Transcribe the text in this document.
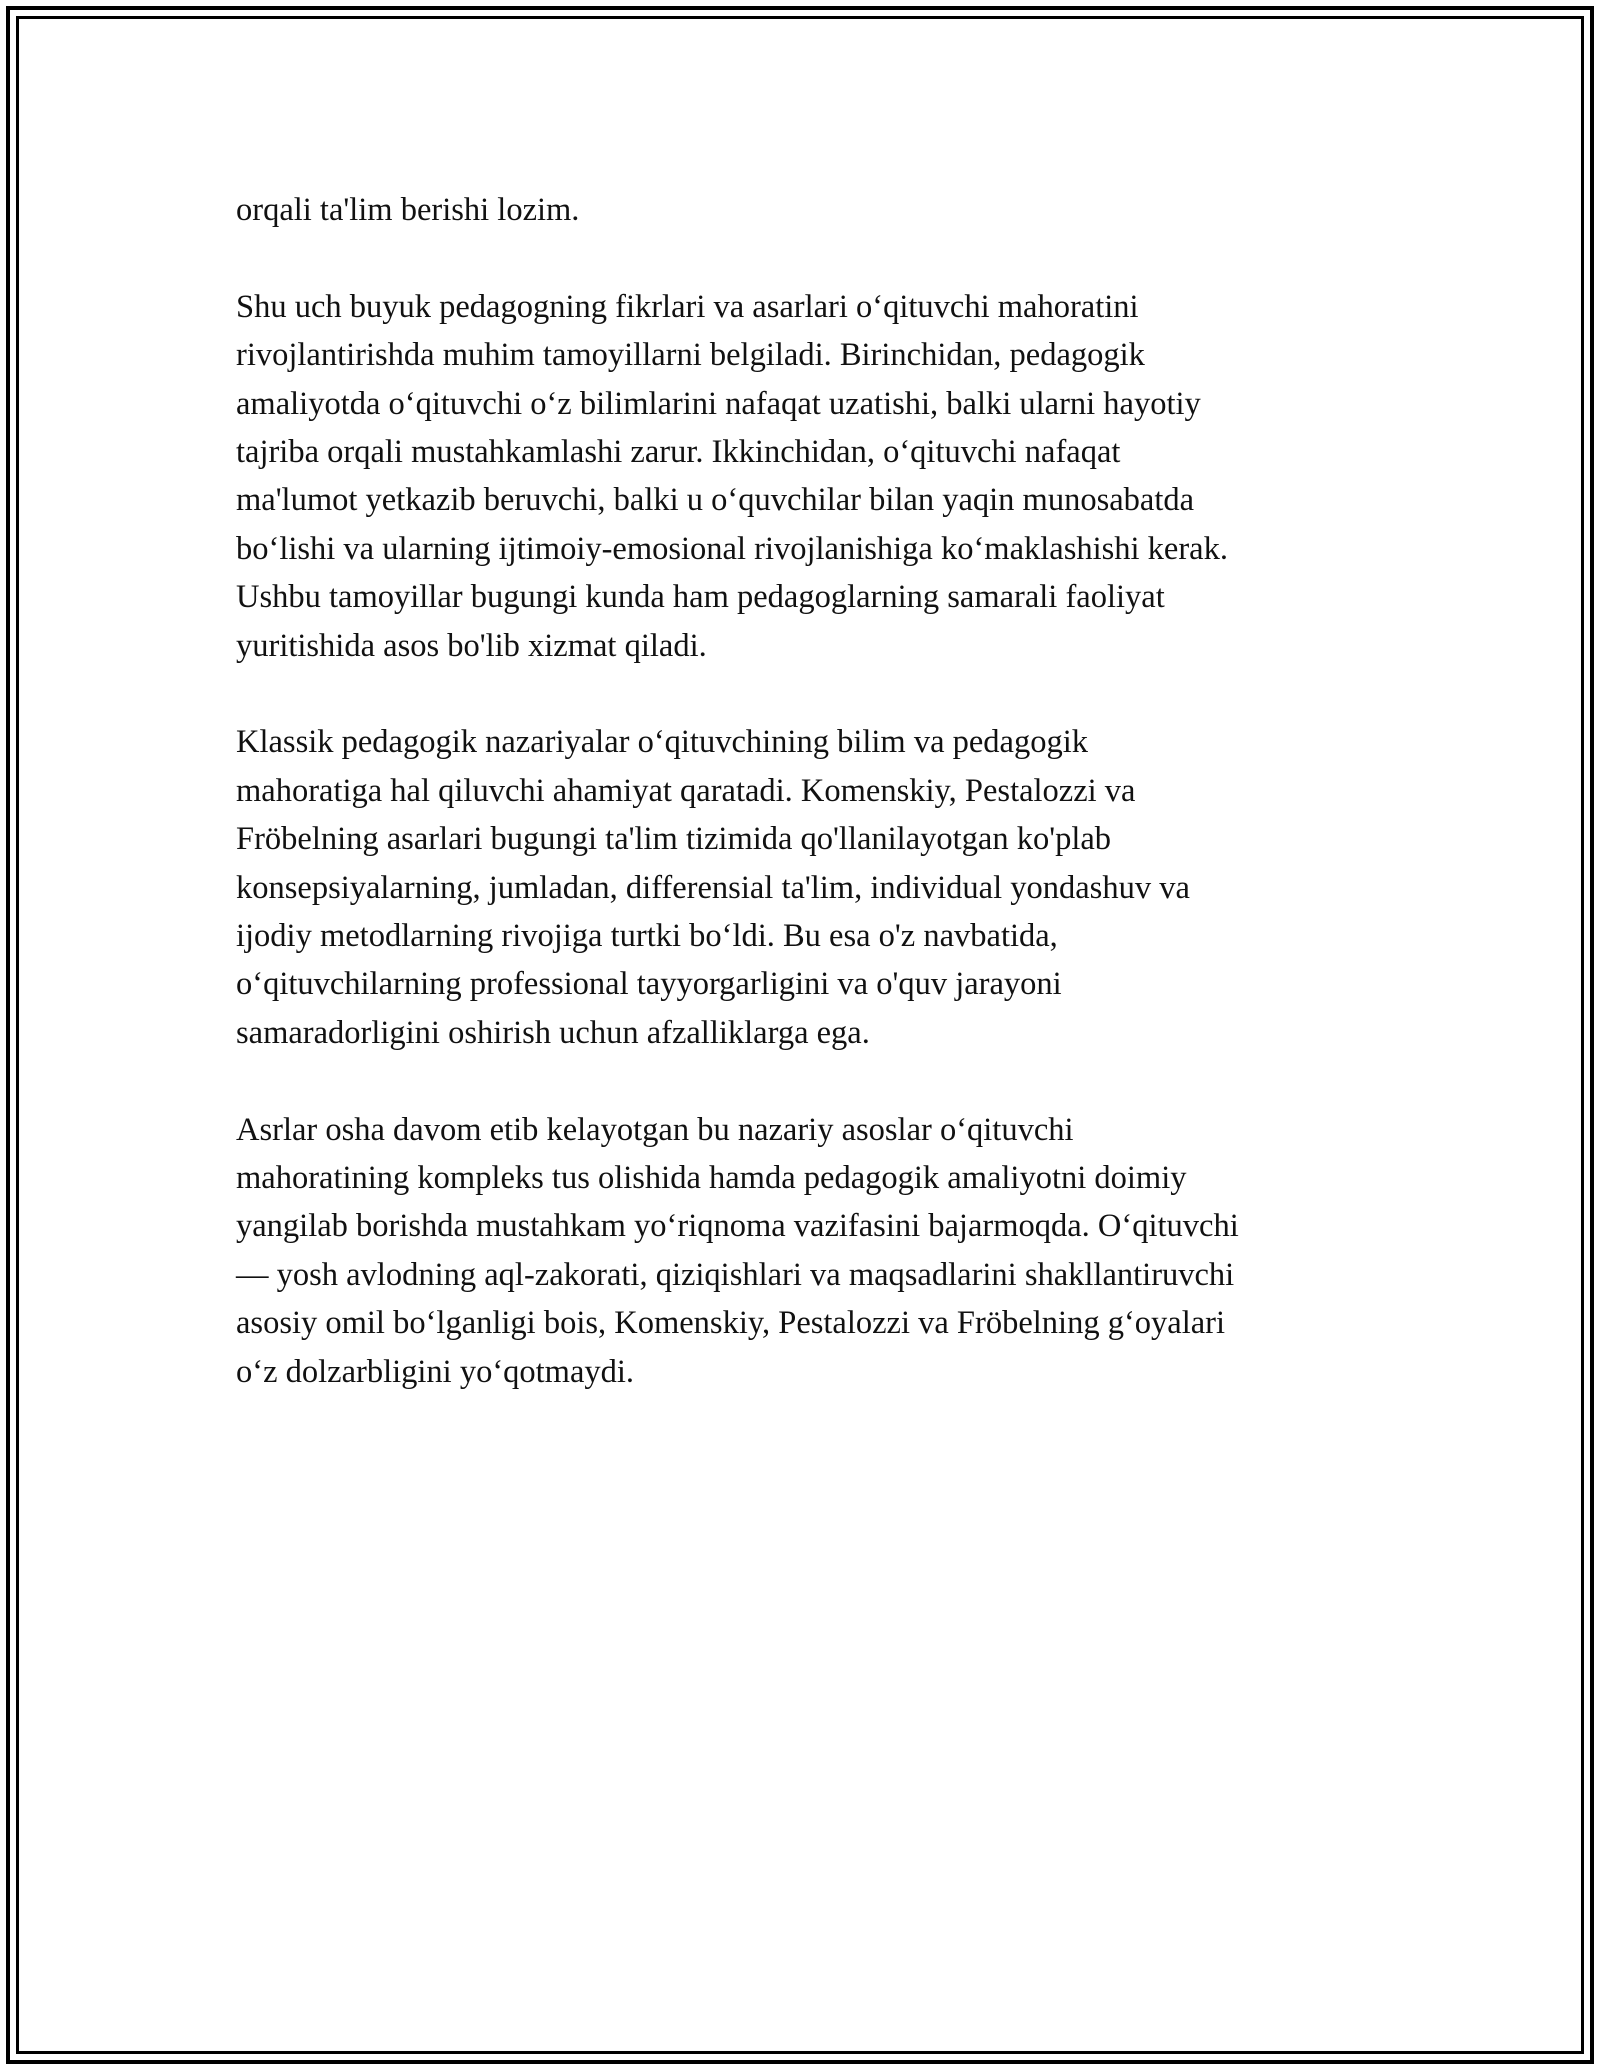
orqali ta'lim berishi lozim.

Shu uch buyuk pedagogning fikrlari va asarlari o‘qituvchi mahoratini
rivojlantirishda muhim tamoyillarni belgiladi. Birinchidan, pedagogik
amaliyotda o‘qituvchi o‘z bilimlarini nafaqat uzatishi, balki ularni hayotiy
tajriba orqali mustahkamlashi zarur. Ikkinchidan, o‘qituvchi nafaqat
ma'lumot yetkazib beruvchi, balki u o‘quvchilar bilan yaqin munosabatda
bo‘lishi va ularning ijtimoiy-emosional rivojlanishiga ko‘maklashishi kerak.
Ushbu tamoyillar bugungi kunda ham pedagoglarning samarali faoliyat
yuritishida asos bo'lib xizmat qiladi.

Klassik pedagogik nazariyalar o‘qituvchining bilim va pedagogik
mahoratiga hal qiluvchi ahamiyat qaratadi. Komenskiy, Pestalozzi va
Fröbelning asarlari bugungi ta'lim tizimida qo'llanilayotgan ko'plab
konsepsiyalarning, jumladan, differensial ta'lim, individual yondashuv va
ijodiy metodlarning rivojiga turtki bo‘ldi. Bu esa o'z navbatida,
o‘qituvchilarning professional tayyorgarligini va o'quv jarayoni
samaradorligini oshirish uchun afzalliklarga ega.

Asrlar osha davom etib kelayotgan bu nazariy asoslar o‘qituvchi
mahoratining kompleks tus olishida hamda pedagogik amaliyotni doimiy
yangilab borishda mustahkam yo‘riqnoma vazifasini bajarmoqda. O‘qituvchi
— yosh avlodning aql-zakorati, qiziqishlari va maqsadlarini shakllantiruvchi
asosiy omil bo‘lganligi bois, Komenskiy, Pestalozzi va Fröbelning g‘oyalari
o‘z dolzarbligini yo‘qotmaydi.
